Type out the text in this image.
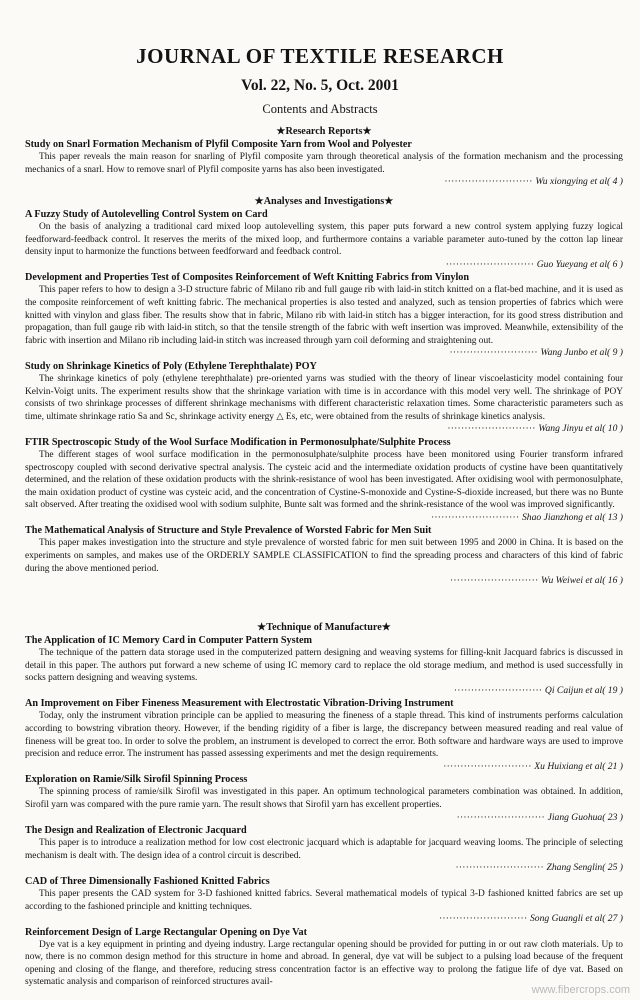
JOURNAL OF TEXTILE RESEARCH
Vol. 22, No. 5, Oct. 2001
Contents and Abstracts
★Research Reports★

Study on Snarl Formation Mechanism of Plyfil Composite Yarn from Wool and Polyester

This paper reveals the main reason for snarling of Plyfil composite yarn through theoretical analysis of the formation mechanism and the processing mechanics of a snarl. How to remove snarl of Plyfil composite yarns has also been investigated.

·························· Wu xiongying et al( 4 )

★Analyses and Investigations★

A Fuzzy Study of Autolevelling Control System on Card

On the basis of analyzing a traditional card mixed loop autolevelling system, this paper puts forward a new control system applying fuzzy logical feedforward-feedback control. It reserves the merits of the mixed loop, and furthermore contains a variable parameter auto-tuned by the cotton lap linear density input to harmonize the functions between feedforward and feedback control.

·························· Guo Yueyang et al( 6 )

Development and Properties Test of Composites Reinforcement of Weft Knitting Fabrics from Vinylon

This paper refers to how to design a 3-D structure fabric of Milano rib and full gauge rib with laid-in stitch knitted on a flat-bed machine, and it is used as the composite reinforcement of weft knitting fabric. The mechanical properties is also tested and analyzed, such as tension properties of fabrics which were knitted with vinylon and glass fiber. The results show that in fabric, Milano rib with laid-in stitch has a bigger interaction, for its good stress distribution and propagation, than full gauge rib with laid-in stitch, so that the tensile strength of the fabric with weft insertion was improved. Meanwhile, extensibility of the fabric with insertion and Milano rib including laid-in stitch was increased through yarn coil deforming and straightening out.

·························· Wang Junbo et al( 9 )

Study on Shrinkage Kinetics of Poly (Ethylene Terephthalate) POY

The shrinkage kinetics of poly (ethylene terephthalate) pre-oriented yarns was studied with the theory of linear viscoelasticity model containing four Kelvin-Voigt units. The experiment results show that the shrinkage variation with time is in accordance with this model very well. The shrinkage of POY consists of two shrinkage processes of different shrinkage mechanisms with different characteristic relaxation times. Some characteristic parameters such as time, ultimate shrinkage ratio Sa and Sc, shrinkage activity energy △ Es, etc, were obtained from the results of shrinkage kinetics analysis.

·························· Wang Jinyu et al( 10 )

FTIR Spectroscopic Study of the Wool Surface Modification in Permonosulphate/Sulphite Process

The different stages of wool surface modification in the permonosulphate/sulphite process have been monitored using Fourier transform infrared spectroscopy coupled with second derivative spectral analysis. The cysteic acid and the intermediate oxidation products of cystine have been quantitatively determined, and the relation of these oxidation products with the shrink-resistance of wool has been investigated. After oxidising wool with permonosulphate, the main oxidation product of cystine was cysteic acid, and the concentration of Cystine-S-monoxide and Cystine-S-dioxide increased, but there was no Bunte salt observed. After treating the oxidised wool with sodium sulphite, Bunte salt was formed and the shrink-resistance of the wool was improved significantly.

·························· Shao Jianzhong et al( 13 )

The Mathematical Analysis of Structure and Style Prevalence of Worsted Fabric for Men Suit

This paper makes investigation into the structure and style prevalence of worsted fabric for men suit between 1995 and 2000 in China. It is based on the experiments on samples, and makes use of the ORDERLY SAMPLE CLASSIFICATION to find the spreading process and characters of this kind of fabric during the above mentioned period.

·························· Wu Weiwei et al( 16 )

★Technique of Manufacture★

The Application of IC Memory Card in Computer Pattern System

The technique of the pattern data storage used in the computerized pattern designing and weaving systems for filling-knit Jacquard fabrics is discussed in detail in this paper. The authors put forward a new scheme of using IC memory card to replace the old storage medium, and method is used successfully in socks pattern designing and weaving systems.

·························· Qi Caijun et al( 19 )

An Improvement on Fiber Fineness Measurement with Electrostatic Vibration-Driving Instrument

Today, only the instrument vibration principle can be applied to measuring the fineness of a staple thread. This kind of instruments performs calculation according to bowstring vibration theory. However, if the bending rigidity of a fiber is large, the discrepancy between measured reading and real value of fineness will be great too. In order to solve the problem, an instrument is developed to correct the error. Both software and hardware ways are used to improve precision and reduce error. The instrument has passed assessing experiments and met the design requirements.

·························· Xu Huixiang et al( 21 )

Exploration on Ramie/Silk Sirofil Spinning Process

The spinning process of ramie/silk Sirofil was investigated in this paper. An optimum technological parameters combination was obtained. In addition, Sirofil yarn was compared with the pure ramie yarn. The result shows that Sirofil yarn has excellent properties.

·························· Jiang Guohua( 23 )

The Design and Realization of Electronic Jacquard

This paper is to introduce a realization method for low cost electronic jacquard which is adaptable for jacquard weaving looms. The principle of selecting mechanism is dealt with. The design idea of a control circuit is described.

·························· Zhang Senglin( 25 )

CAD of Three Dimensionally Fashioned Knitted Fabrics

This paper presents the CAD system for 3-D fashioned knitted fabrics. Several mathematical models of typical 3-D fashioned knitted fabrics are set up according to the fashioned principle and knitting techniques.

·························· Song Guangli et al( 27 )

Reinforcement Design of Large Rectangular Opening on Dye Vat

Dye vat is a key equipment in printing and dyeing industry. Large rectangular opening should be provided for putting in or out raw cloth materials. Up to now, there is no common design method for this structure in home and abroad. In general, dye vat will be subject to a pulsing load because of the frequent opening and closing of the flange, and therefore, reducing stress concentration factor is an effective way to prolong the fatigue life of dye vat. Based on systematic analysis and comparison of reinforced structures avail-

www.fibercrops.com
